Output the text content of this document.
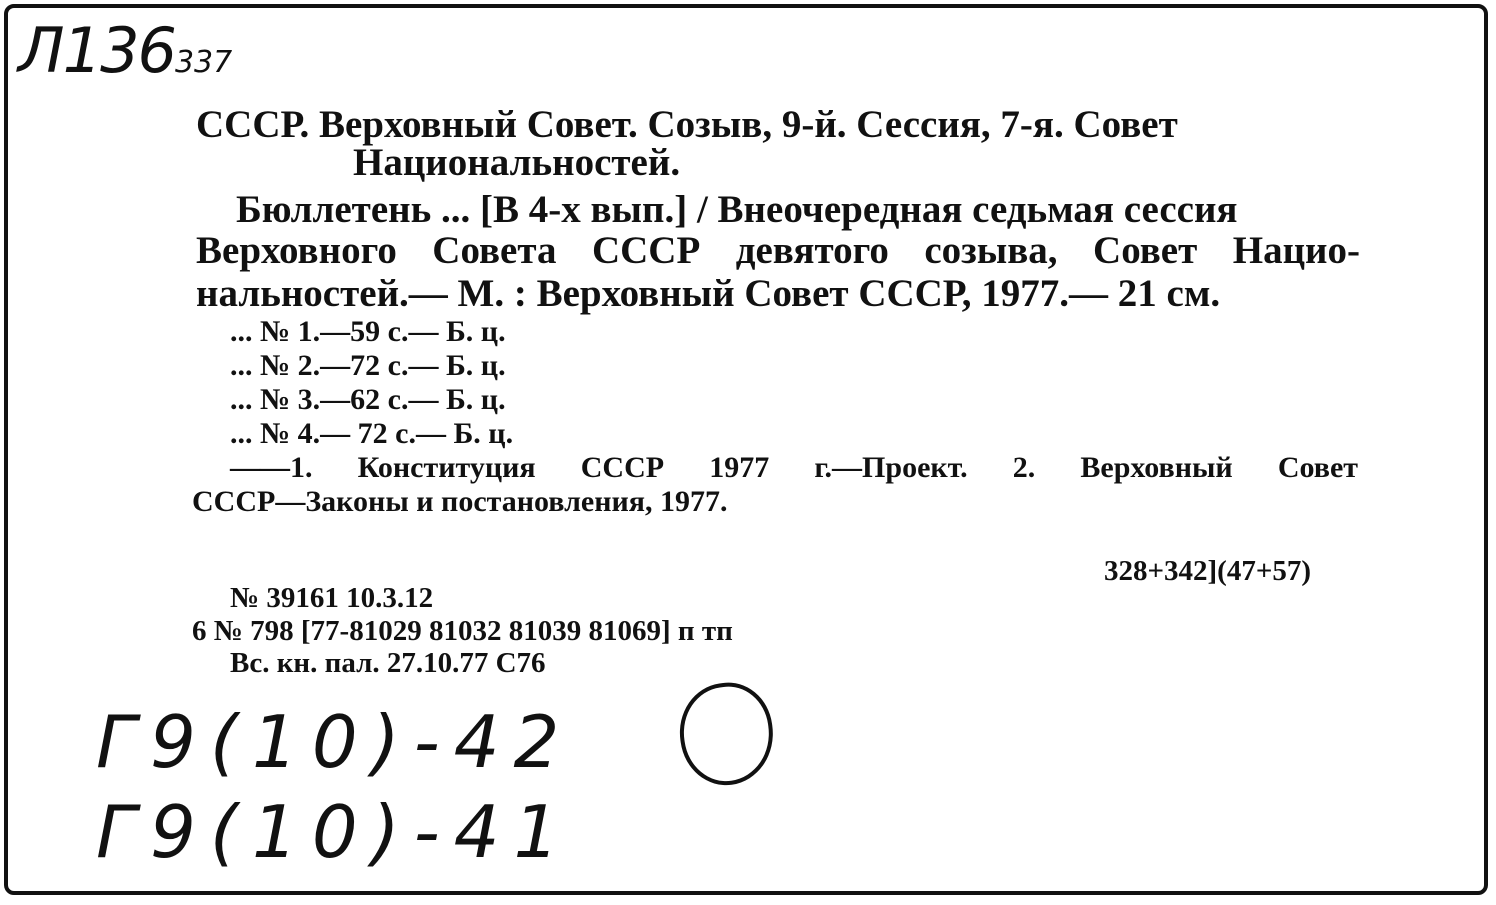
Л136337
СССР. Верховный Совет. Созыв, 9-й. Сессия, 7-я. Совет
Национальностей.
Бюллетень ... [В 4-х вып.] / Внеочередная седьмая сессия
Верховного Совета СССР девятого созыва, Совет Нацио-
нальностей.— М. : Верховный Совет СССР, 1977.— 21 см.
... № 1.—59 с.— Б. ц.
... № 2.—72 с.— Б. ц.
... № 3.—62 с.— Б. ц.
... № 4.— 72 с.— Б. ц.
——1. Конституция СССР 1977 г.—Проект. 2. Верховный Совет
СССР—Законы и постановления, 1977.
328+342](47+57)
№ 39161 10.3.12
6 № 798 [77-81029 81032 81039 81069] п тп
Вс. кн. пал. 27.10.77 С76
Г9(10)-42
Г9(10)-41
